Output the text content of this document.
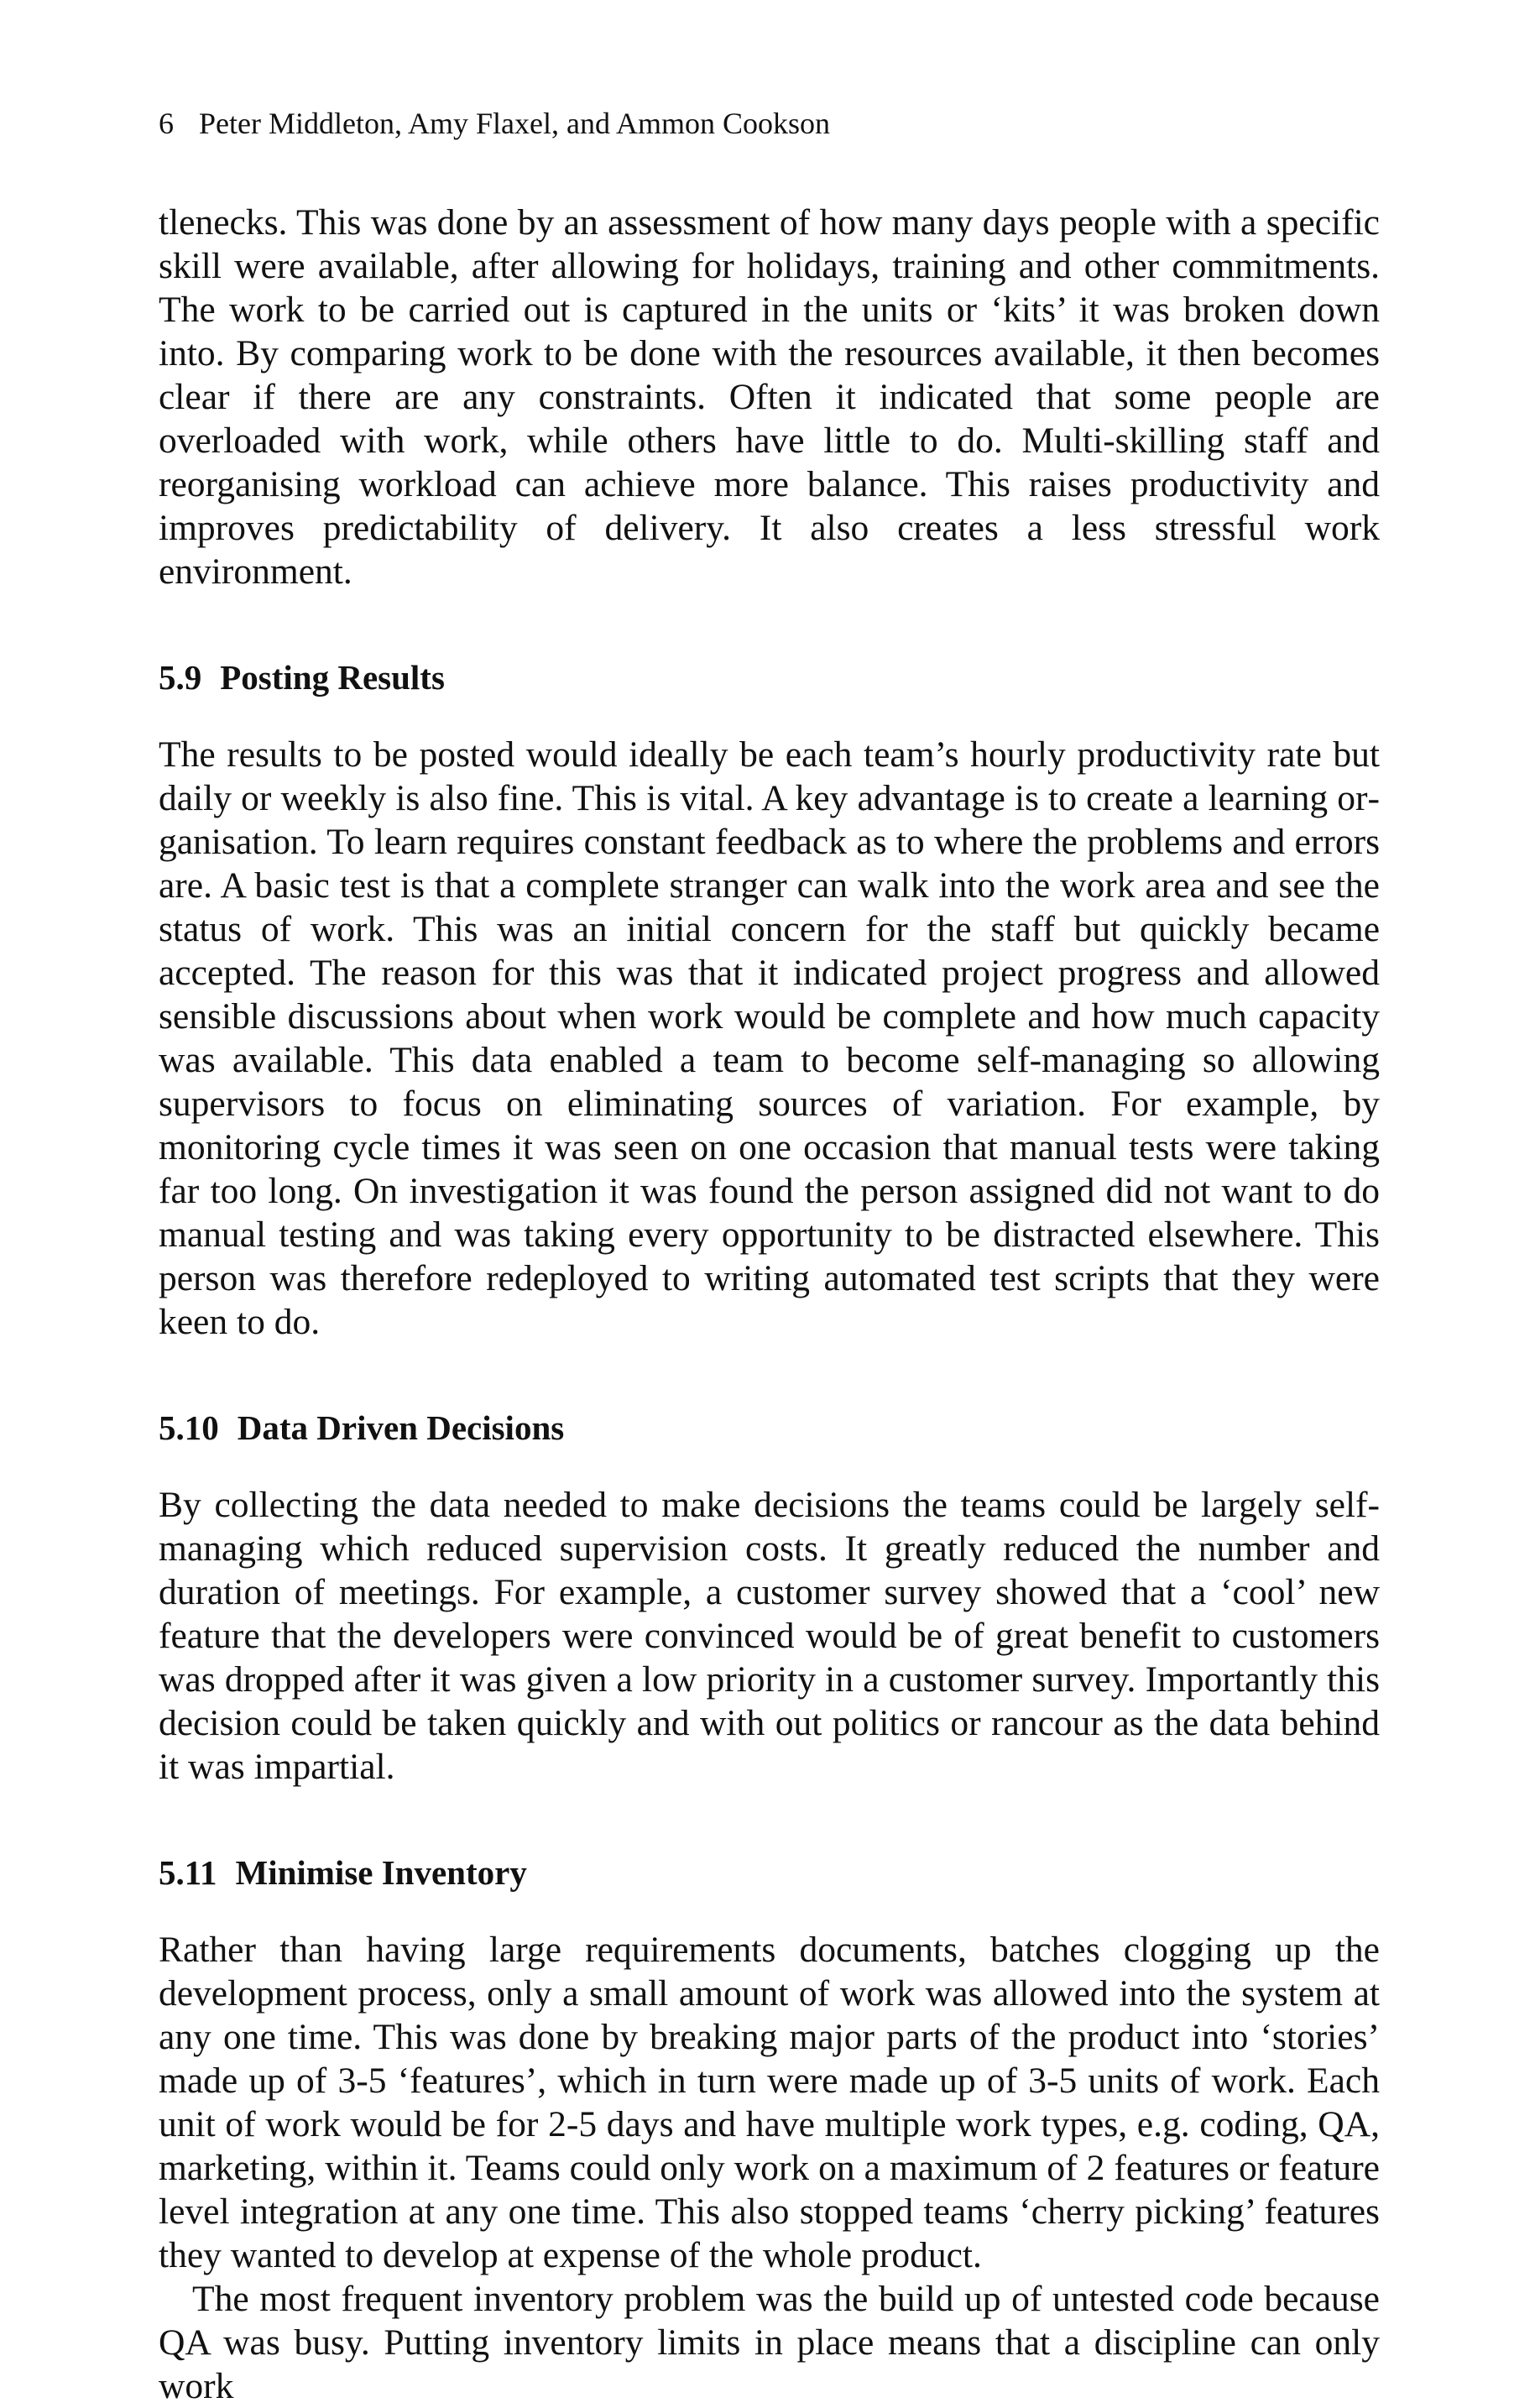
6 Peter Middleton, Amy Flaxel, and Ammon Cookson

tlenecks. This was done by an assessment of how many days people with a specific skill were available, after allowing for holidays, training and other commitments. The work to be carried out is captured in the units or ‘kits’ it was broken down into. By comparing work to be done with the resources available, it then becomes clear if there are any constraints. Often it indicated that some people are overloaded with work, while others have little to do. Multi-skilling staff and reorganising workload can achieve more balance. This raises productivity and improves predictability of delivery. It also creates a less stressful work environment.

5.9 Posting Results

The results to be posted would ideally be each team’s hourly productivity rate but daily or weekly is also fine. This is vital. A key advantage is to create a learning organisation. To learn requires constant feedback as to where the problems and errors are. A basic test is that a complete stranger can walk into the work area and see the status of work. This was an initial concern for the staff but quickly became accepted. The reason for this was that it indicated project progress and allowed sensible discussions about when work would be complete and how much capacity was available. This data enabled a team to become self-managing so allowing supervisors to focus on eliminating sources of variation. For example, by monitoring cycle times it was seen on one occasion that manual tests were taking far too long. On investigation it was found the person assigned did not want to do manual testing and was taking every opportunity to be distracted elsewhere. This person was therefore redeployed to writing automated test scripts that they were keen to do.

5.10 Data Driven Decisions

By collecting the data needed to make decisions the teams could be largely self-managing which reduced supervision costs. It greatly reduced the number and duration of meetings. For example, a customer survey showed that a ‘cool’ new feature that the developers were convinced would be of great benefit to customers was dropped after it was given a low priority in a customer survey. Importantly this decision could be taken quickly and with out politics or rancour as the data behind it was impartial.

5.11 Minimise Inventory

Rather than having large requirements documents, batches clogging up the development process, only a small amount of work was allowed into the system at any one time. This was done by breaking major parts of the product into ‘stories’ made up of 3-5 ‘features’, which in turn were made up of 3-5 units of work. Each unit of work would be for 2-5 days and have multiple work types, e.g. coding, QA, marketing, within it. Teams could only work on a maximum of 2 features or feature level integration at any one time. This also stopped teams ‘cherry picking’ features they wanted to develop at expense of the whole product.

The most frequent inventory problem was the build up of untested code because QA was busy. Putting inventory limits in place means that a discipline can only work
